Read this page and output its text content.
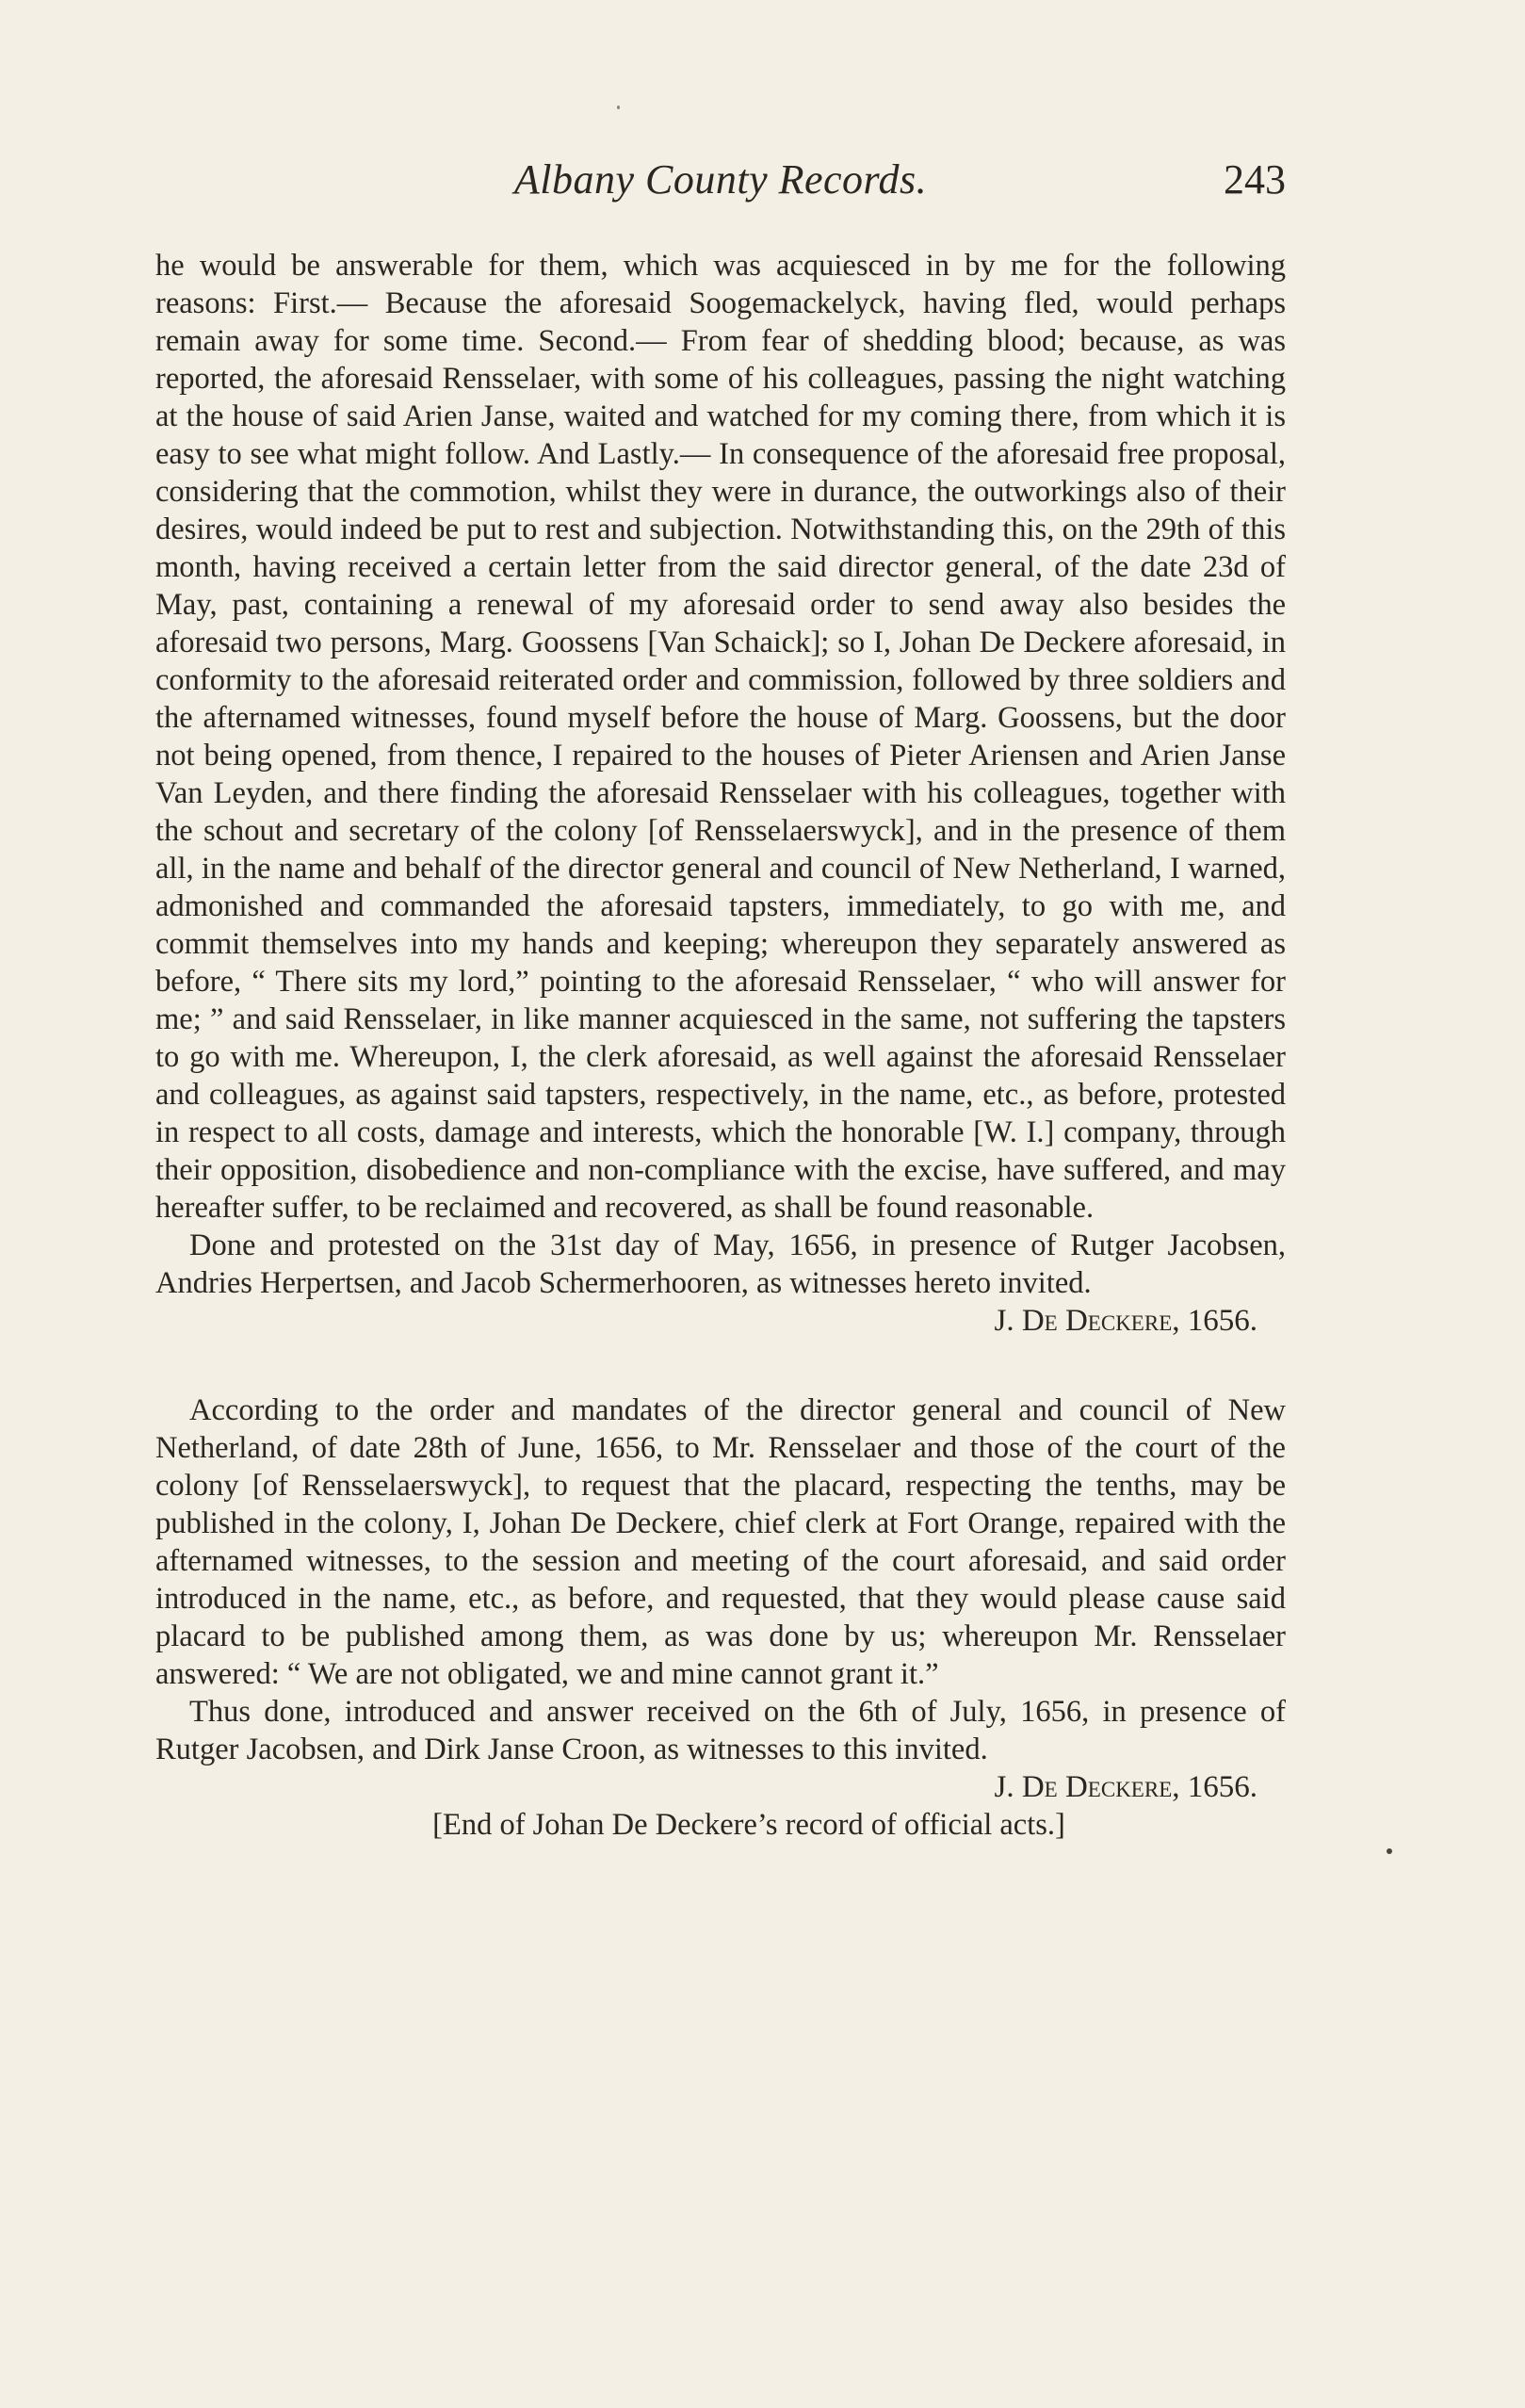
Albany County Records.	243

he would be answerable for them, which was acquiesced in by me for the following reasons: First.— Because the aforesaid Soogemackelyck, having fled, would perhaps remain away for some time. Second.— From fear of shedding blood; because, as was reported, the aforesaid Rensselaer, with some of his colleagues, passing the night watching at the house of said Arien Janse, waited and watched for my coming there, from which it is easy to see what might follow. And Lastly.— In consequence of the aforesaid free proposal, considering that the commotion, whilst they were in durance, the outworkings also of their desires, would indeed be put to rest and subjection. Notwithstanding this, on the 29th of this month, having received a certain letter from the said director general, of the date 23d of May, past, containing a renewal of my aforesaid order to send away also besides the aforesaid two persons, Marg. Goossens [Van Schaick]; so I, Johan De Deckere aforesaid, in conformity to the aforesaid reiterated order and commission, followed by three soldiers and the afternamed witnesses, found myself before the house of Marg. Goossens, but the door not being opened, from thence, I repaired to the houses of Pieter Ariensen and Arien Janse Van Leyden, and there finding the aforesaid Rensselaer with his colleagues, together with the schout and secretary of the colony [of Rensselaerswyck], and in the presence of them all, in the name and behalf of the director general and council of New Netherland, I warned, admonished and commanded the aforesaid tapsters, immediately, to go with me, and commit themselves into my hands and keeping; whereupon they separately answered as before, “ There sits my lord,” pointing to the aforesaid Rensselaer, “ who will answer for me; ” and said Rensselaer, in like manner acquiesced in the same, not suffering the tapsters to go with me. Whereupon, I, the clerk aforesaid, as well against the aforesaid Rensselaer and colleagues, as against said tapsters, respectively, in the name, etc., as before, protested in respect to all costs, damage and interests, which the honorable [W. I.] company, through their opposition, disobedience and non-compliance with the excise, have suffered, and may hereafter suffer, to be reclaimed and recovered, as shall be found reasonable.

Done and protested on the 31st day of May, 1656, in presence of Rutger Jacobsen, Andries Herpertsen, and Jacob Schermerhooren, as witnesses hereto invited.

J. De Deckere, 1656.

According to the order and mandates of the director general and council of New Netherland, of date 28th of June, 1656, to Mr. Rensselaer and those of the court of the colony [of Rensselaerswyck], to request that the placard, respecting the tenths, may be published in the colony, I, Johan De Deckere, chief clerk at Fort Orange, repaired with the afternamed witnesses, to the session and meeting of the court aforesaid, and said order introduced in the name, etc., as before, and requested, that they would please cause said placard to be published among them, as was done by us; whereupon Mr. Rensselaer answered: “ We are not obligated, we and mine cannot grant it.”

Thus done, introduced and answer received on the 6th of July, 1656, in presence of Rutger Jacobsen, and Dirk Janse Croon, as witnesses to this invited.

J. De Deckere, 1656.

[End of Johan De Deckere’s record of official acts.]
